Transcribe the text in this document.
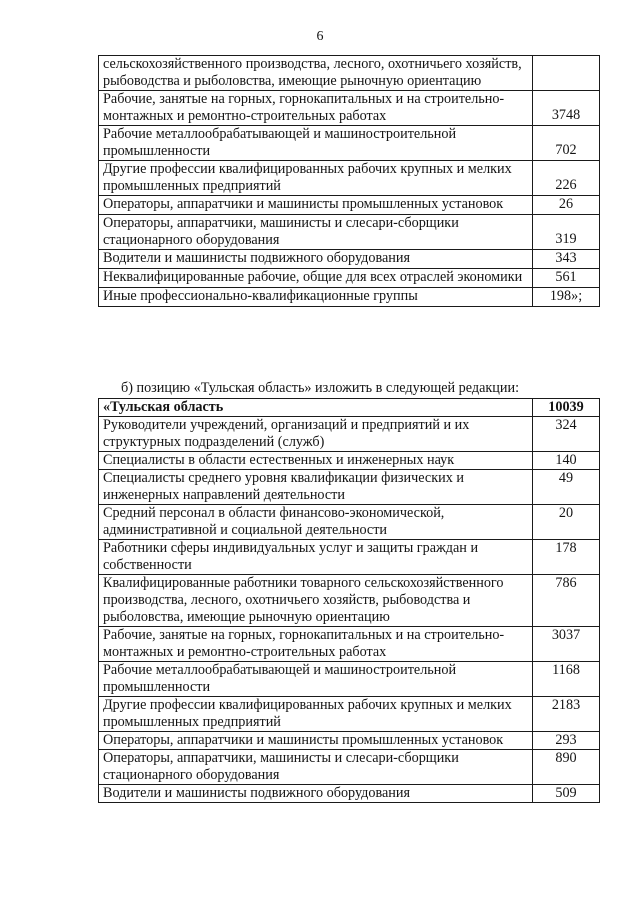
6
сельскохозяйственного производства, лесного, охотничьего хозяйств, рыбоводства и рыболовства, имеющие рыночную ориентацию	
Рабочие, занятые на горных, горнокапитальных и на строительно-монтажных и ремонтно-строительных работах	3748
Рабочие металлообрабатывающей и машиностроительной промышленности	702
Другие профессии квалифицированных рабочих крупных и мелких промышленных предприятий	226
Операторы, аппаратчики и машинисты промышленных установок	26
Операторы, аппаратчики, машинисты и слесари-сборщики стационарного оборудования	319
Водители и машинисты подвижного оборудования	343
Неквалифицированные рабочие, общие для всех отраслей экономики	561
Иные профессионально-квалификационные группы	198»;
б) позицию «Тульская область» изложить в следующей редакции:
«Тульская область	10039
Руководители учреждений, организаций и предприятий и их структурных подразделений (служб)	324
Специалисты в области естественных и инженерных наук	140
Специалисты среднего уровня квалификации физических и инженерных направлений деятельности	49
Средний персонал в области финансово-экономической, административной и социальной деятельности	20
Работники сферы индивидуальных услуг и защиты граждан и собственности	178
Квалифицированные работники товарного сельскохозяйственного производства, лесного, охотничьего хозяйств, рыбоводства и рыболовства, имеющие рыночную ориентацию	786
Рабочие, занятые на горных, горнокапитальных и на строительно-монтажных и ремонтно-строительных работах	3037
Рабочие металлообрабатывающей и машиностроительной промышленности	1168
Другие профессии квалифицированных рабочих крупных и мелких промышленных предприятий	2183
Операторы, аппаратчики и машинисты промышленных установок	293
Операторы, аппаратчики, машинисты и слесари-сборщики стационарного оборудования	890
Водители и машинисты подвижного оборудования	509
